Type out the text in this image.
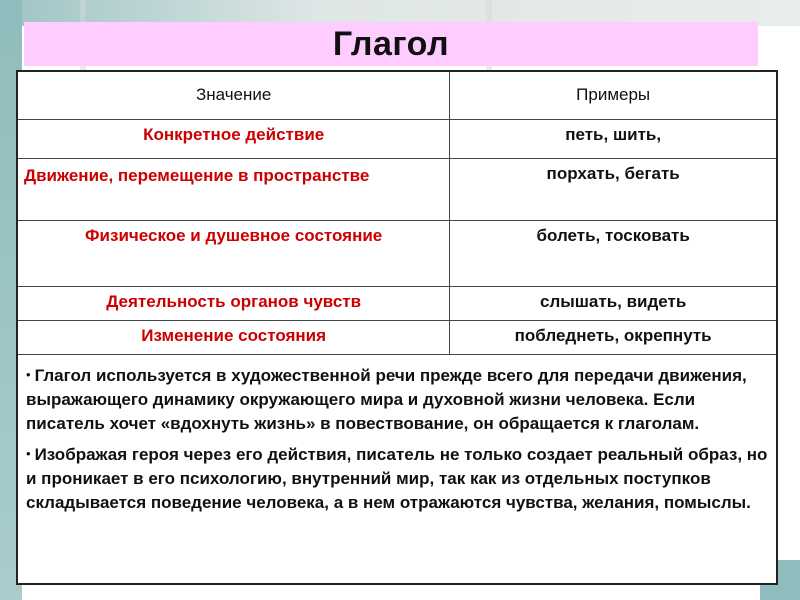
Глагол
Значение	Примеры
Конкретное действие	петь, шить,
Движение, перемещение в пространстве	порхать, бегать
Физическое и душевное состояние	болеть, тосковать
Деятельность органов чувств	слышать, видеть
Изменение состояния	побледнеть, окрепнуть

• Глагол используется в художественной речи прежде всего для передачи движения, выражающего динамику окружающего мира и духовной жизни человека. Если писатель хочет «вдохнуть жизнь» в повествование, он обращается к глаголам.

• Изображая героя через его действия, писатель не только создает реальный образ, но и проникает в его психологию, внутренний мир, так как из отдельных поступков складывается поведение человека, а в нем отражаются чувства, желания, помыслы.	
